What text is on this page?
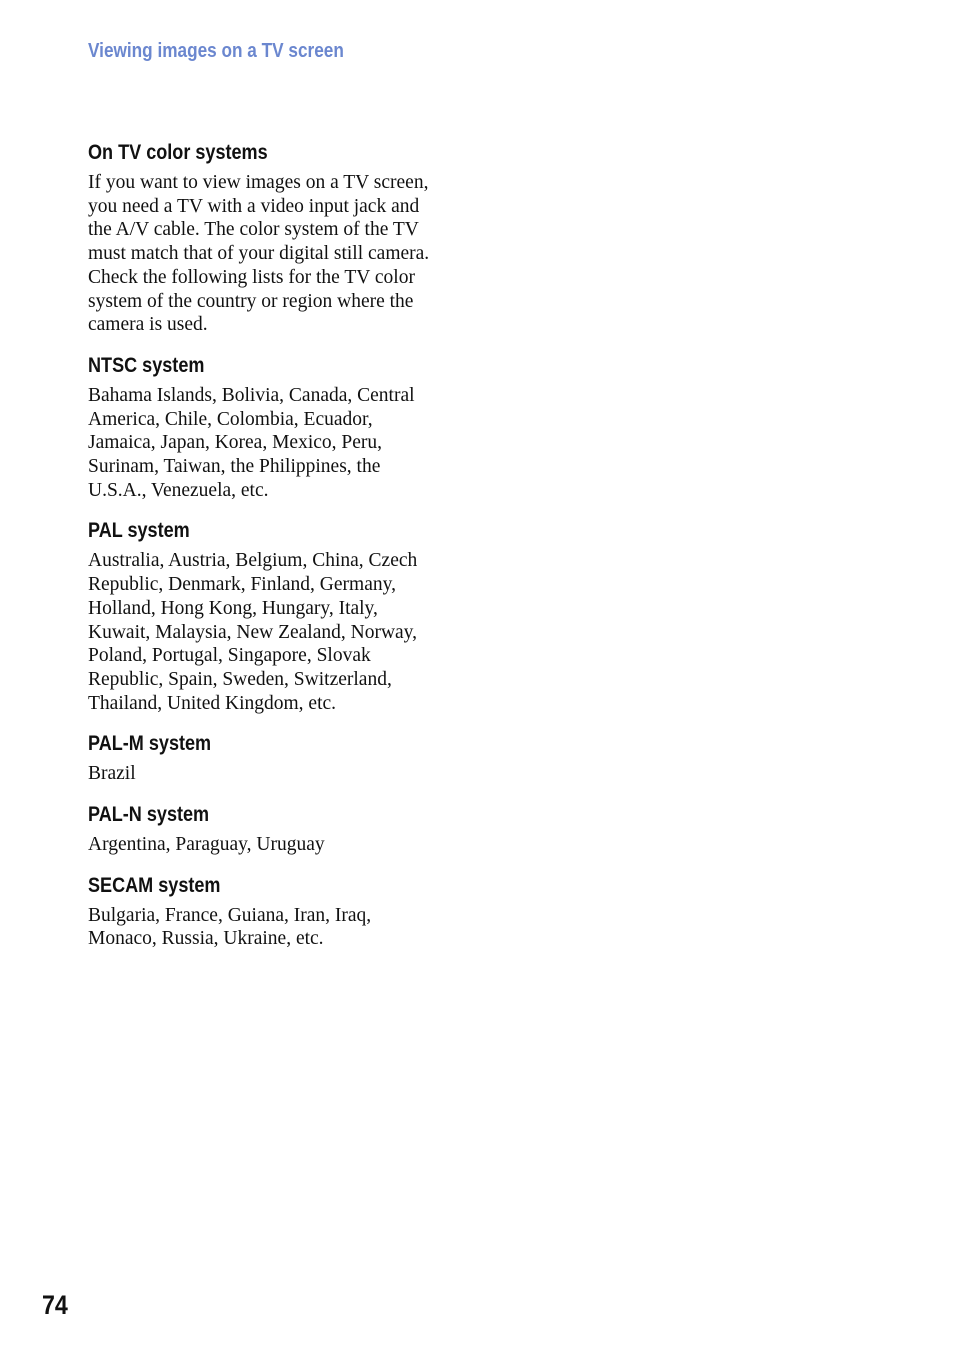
Viewing images on a TV screen
On TV color systems
If you want to view images on a TV screen,
you need a TV with a video input jack and
the A/V cable. The color system of the TV
must match that of your digital still camera.
Check the following lists for the TV color
system of the country or region where the
camera is used.
NTSC system
Bahama Islands, Bolivia, Canada, Central
America, Chile, Colombia, Ecuador,
Jamaica, Japan, Korea, Mexico, Peru,
Surinam, Taiwan, the Philippines, the
U.S.A., Venezuela, etc.
PAL system
Australia, Austria, Belgium, China, Czech
Republic, Denmark, Finland, Germany,
Holland, Hong Kong, Hungary, Italy,
Kuwait, Malaysia, New Zealand, Norway,
Poland, Portugal, Singapore, Slovak
Republic, Spain, Sweden, Switzerland,
Thailand, United Kingdom, etc.
PAL-M system
Brazil
PAL-N system
Argentina, Paraguay, Uruguay
SECAM system
Bulgaria, France, Guiana, Iran, Iraq,
Monaco, Russia, Ukraine, etc.
74
